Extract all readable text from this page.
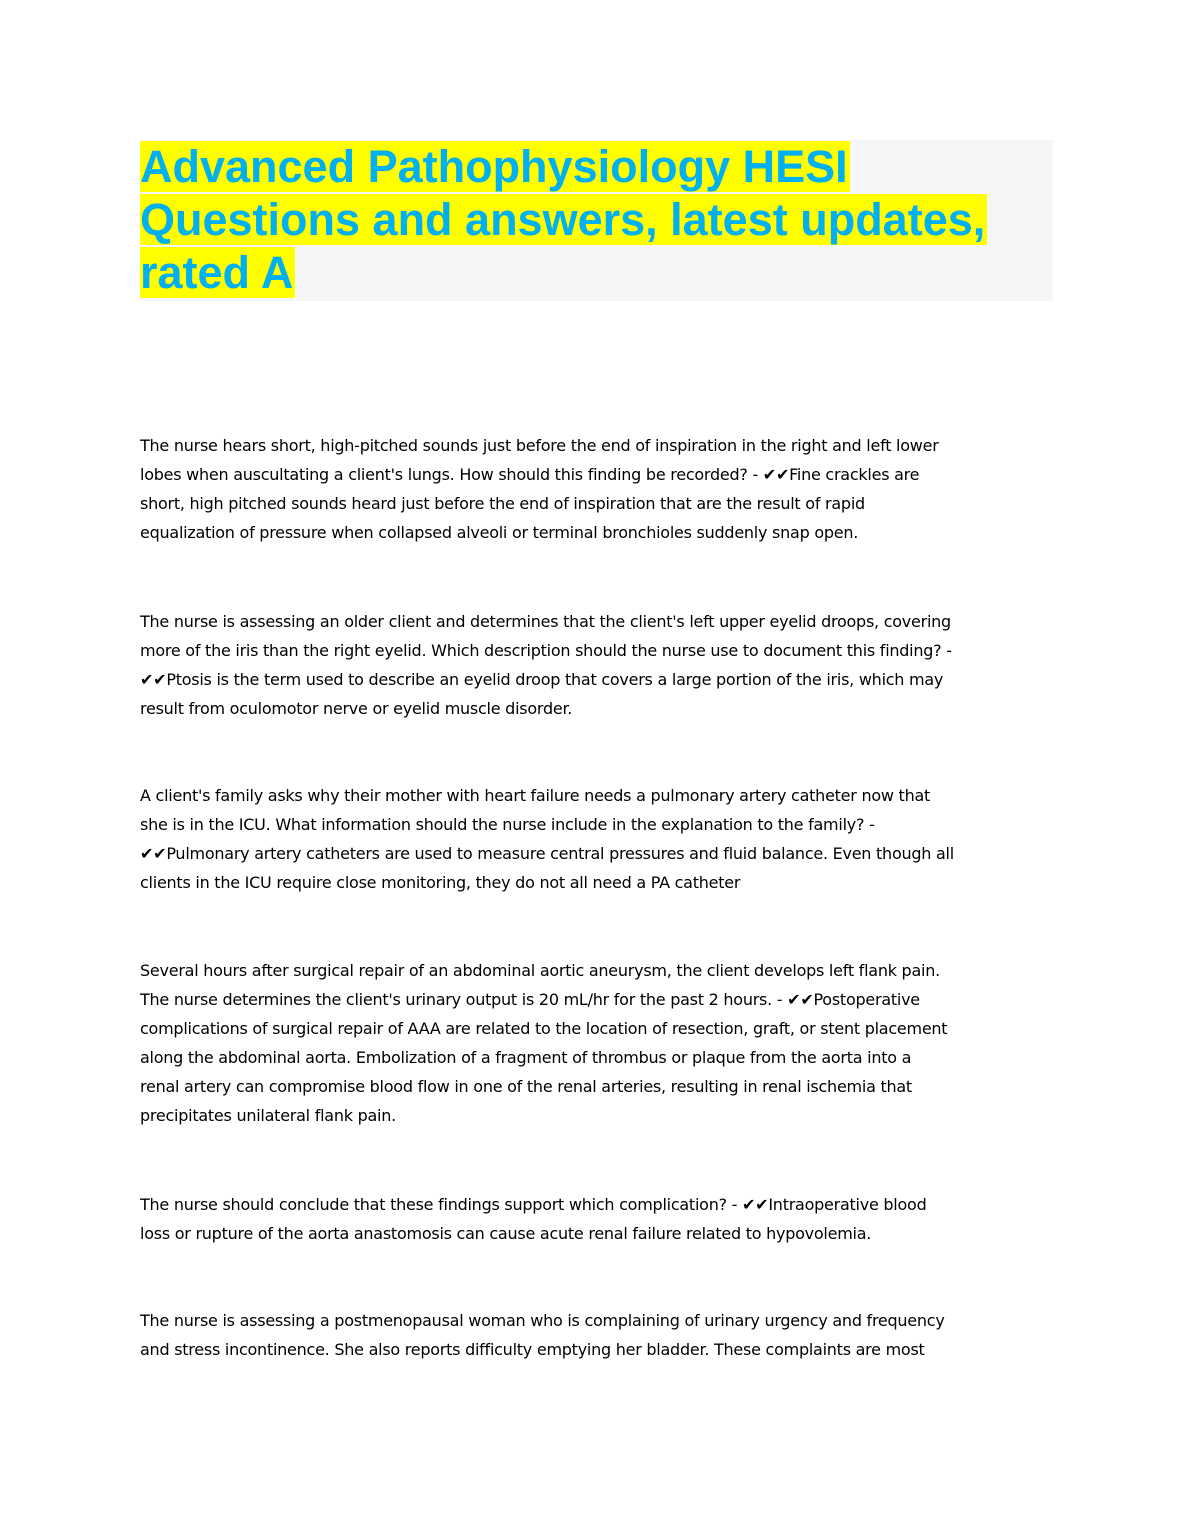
Advanced Pathophysiology HESI
Questions and answers, latest updates,
rated A

The nurse hears short, high-pitched sounds just before the end of inspiration in the right and left lower
lobes when auscultating a client's lungs. How should this finding be recorded? - ✔✔Fine crackles are
short, high pitched sounds heard just before the end of inspiration that are the result of rapid
equalization of pressure when collapsed alveoli or terminal bronchioles suddenly snap open.

The nurse is assessing an older client and determines that the client's left upper eyelid droops, covering
more of the iris than the right eyelid. Which description should the nurse use to document this finding? -
✔✔Ptosis is the term used to describe an eyelid droop that covers a large portion of the iris, which may
result from oculomotor nerve or eyelid muscle disorder.

A client's family asks why their mother with heart failure needs a pulmonary artery catheter now that
she is in the ICU. What information should the nurse include in the explanation to the family? -
✔✔Pulmonary artery catheters are used to measure central pressures and fluid balance. Even though all
clients in the ICU require close monitoring, they do not all need a PA catheter

Several hours after surgical repair of an abdominal aortic aneurysm, the client develops left flank pain.
The nurse determines the client's urinary output is 20 mL/hr for the past 2 hours. - ✔✔Postoperative
complications of surgical repair of AAA are related to the location of resection, graft, or stent placement
along the abdominal aorta. Embolization of a fragment of thrombus or plaque from the aorta into a
renal artery can compromise blood flow in one of the renal arteries, resulting in renal ischemia that
precipitates unilateral flank pain.

The nurse should conclude that these findings support which complication? - ✔✔Intraoperative blood
loss or rupture of the aorta anastomosis can cause acute renal failure related to hypovolemia.

The nurse is assessing a postmenopausal woman who is complaining of urinary urgency and frequency
and stress incontinence. She also reports difficulty emptying her bladder. These complaints are most
